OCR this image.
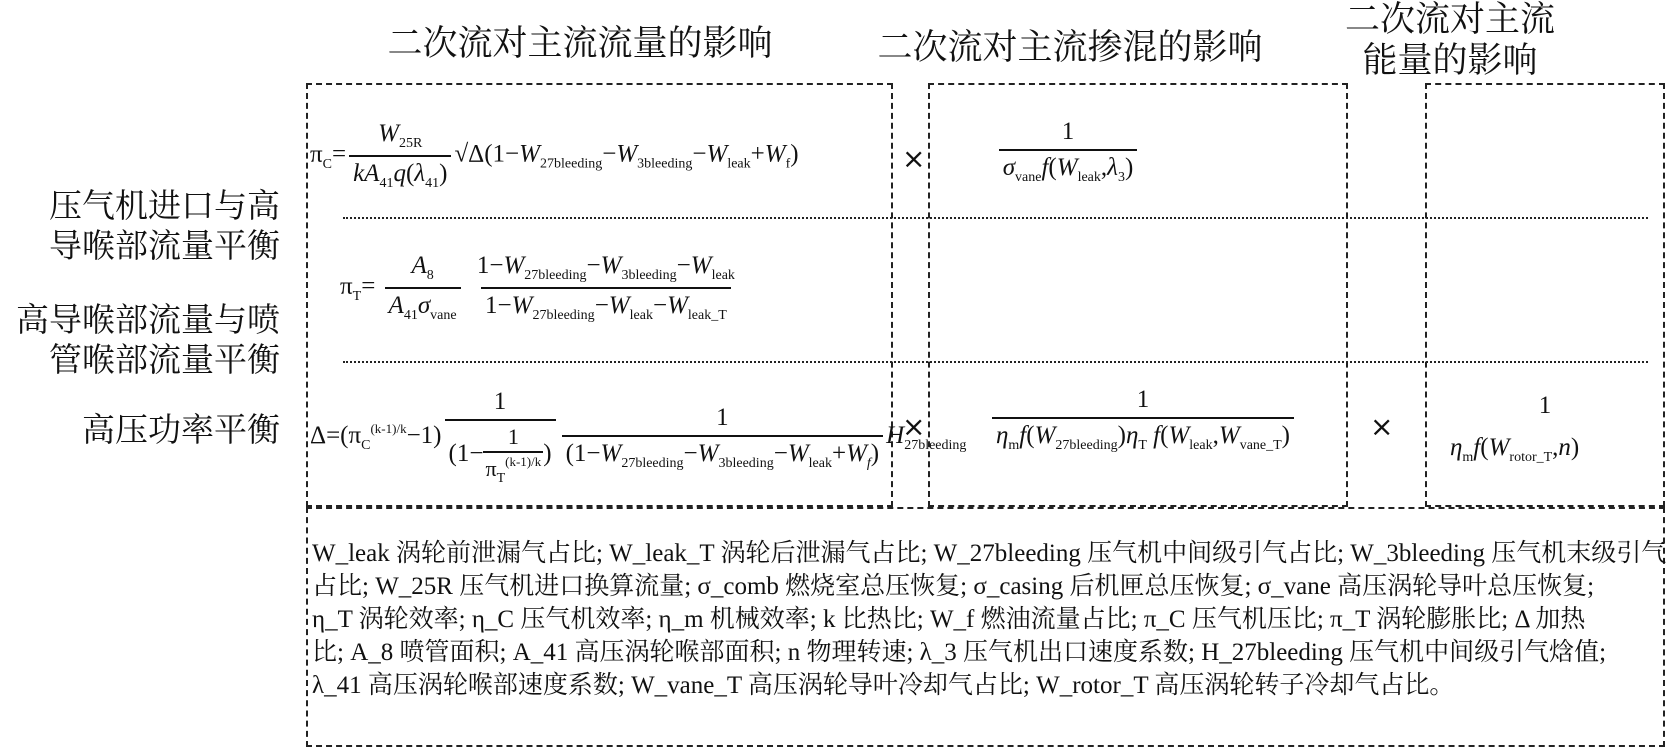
二次流对主流流量的影响	二次流对主流掺混的影响
二次流对主流
能量的影响
压气机进口与高
导喉部流量平衡
高导喉部流量与喷
管喉部流量平衡
高压功率平衡
$\pi_C= \frac{W_{25R}}{kA_{41}q(\lambda_{41})} √\Delta(1-W_{27bleeding}-W_{3bleeding}-W_{leak}+W_f)$	× $\frac{1}{\sigma_{vane}f(W_{leak},\lambda_3)}$
$\pi_T= \frac{A_8}{A_{41}\sigma_{vane}}$
$\frac{1-W_{27bleeding}-W_{3bleeding}-W_{leak}}{1-W_{27bleeding}-W_{leak}-W_{leak\_T}}$
$\Delta=(\pi_C^{(k-1)/k}-1) \frac{1}{(1- \frac{1}{\pi_T^{(k-1)/k}} )} \frac{1}{(1-W_{27bleeding}-W_{3bleeding}-W_{leak}+W_f)} H_{27bleeding}$
× $\frac{1}{\eta_mf(W_{27bleeding})\eta_T f(W_{leak},W_{vane\_T})}$ ×
1
$\eta_mf(W_{rotor\_T},n)$
W_leak 涡轮前泄漏气占比; W_leak_T 涡轮后泄漏气占比; W_27bleeding 压气机中间级引气占比; W_3bleeding 压气机末级引气
占比; W_25R 压气机进口换算流量; σ_comb 燃烧室总压恢复; σ_casing 后机匣总压恢复; σ_vane 高压涡轮导叶总压恢复;
η_T 涡轮效率; η_C 压气机效率; η_m 机械效率; k 比热比; W_f 燃油流量占比; π_C 压气机压比; π_T 涡轮膨胀比; Δ 加热
比; A_8 喷管面积; A_41 高压涡轮喉部面积; n 物理转速; λ_3 压气机出口速度系数; H_27bleeding 压气机中间级引气焓值;
λ_41 高压涡轮喉部速度系数; W_vane_T 高压涡轮导叶冷却气占比; W_rotor_T 高压涡轮转子冷却气占比。
